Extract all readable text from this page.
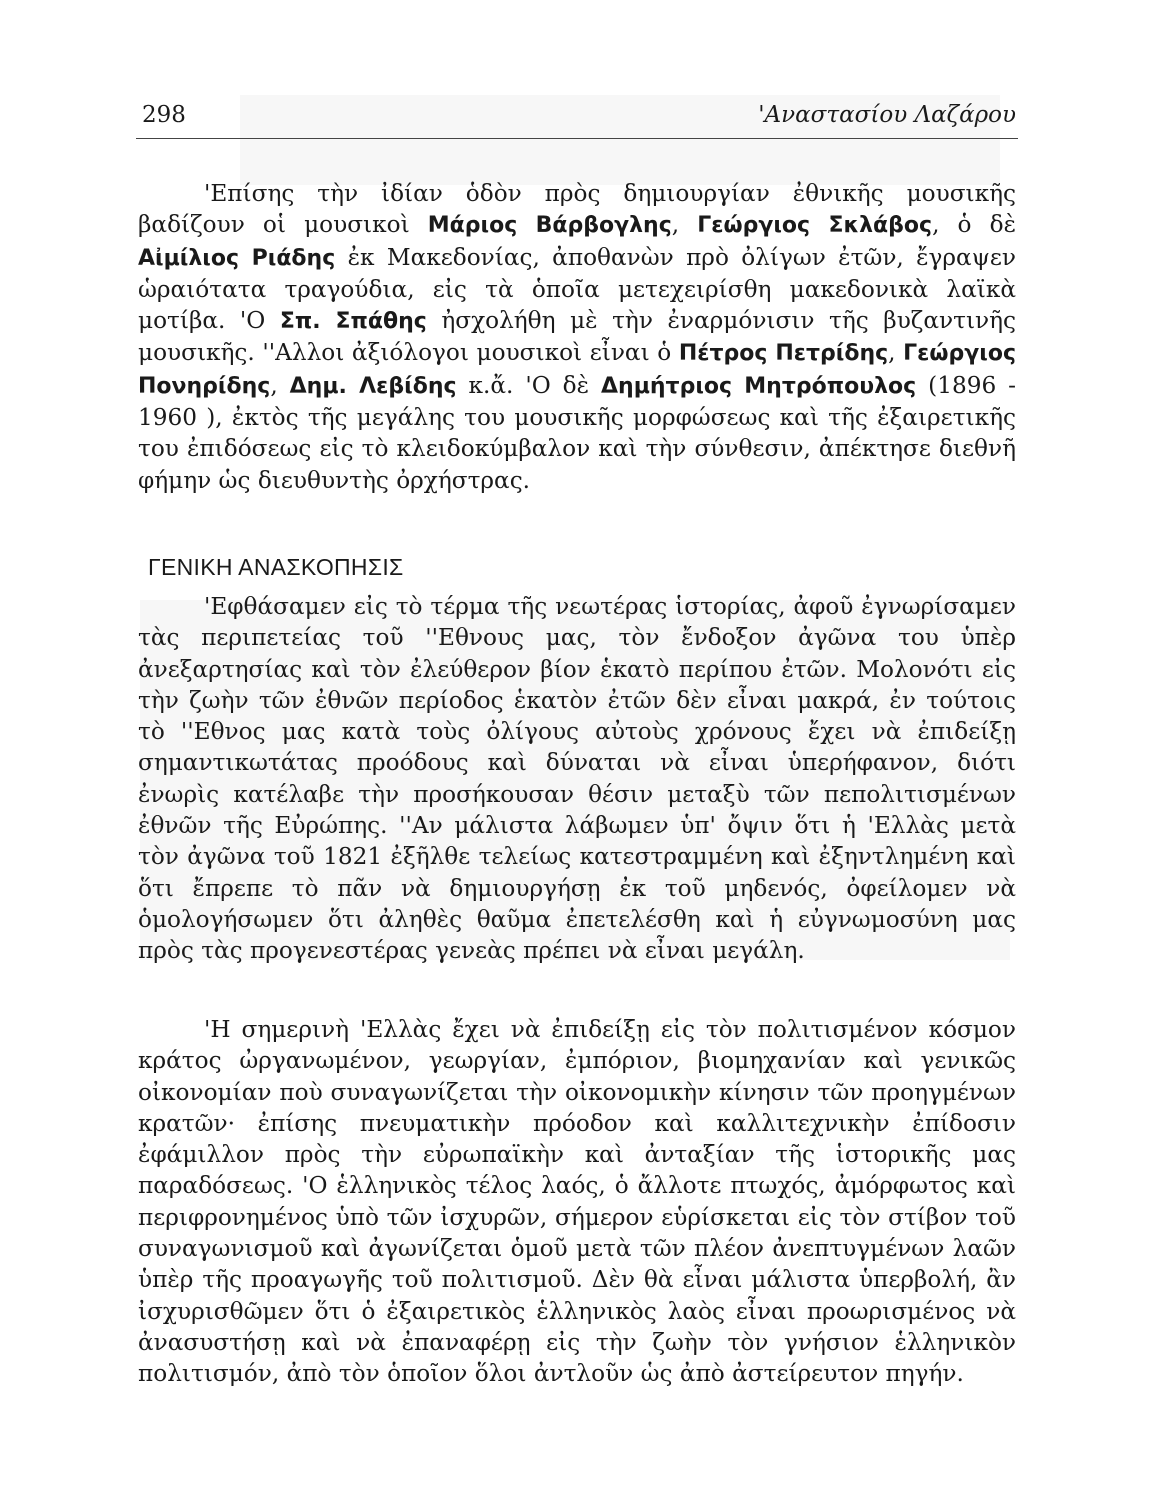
298	'Αναστασίου Λαζάρου

'Επίσης τὴν ἰδίαν ὁδὸν πρὸς δημιουργίαν ἐθνικῆς μουσικῆς βαδίζουν οἱ μουσικοὶ Μάριος Βάρβογλης, Γεώργιος Σκλάβος, ὁ δὲ Αἰμίλιος Ριάδης ἐκ Μακεδονίας, ἀποθανὼν πρὸ ὀλίγων ἐτῶν, ἔγραψεν ὡραιότατα τραγούδια, εἰς τὰ ὁποῖα μετεχειρίσθη μακεδονικὰ λαϊκὰ μοτίβα. 'Ο Σπ. Σπάθης ἠσχολήθη μὲ τὴν ἐναρμόνισιν τῆς βυζαντινῆς μουσικῆς. ''Αλλοι ἀξιόλογοι μουσικοὶ εἶναι ὁ Πέτρος Πετρίδης, Γεώργιος Πονηρίδης, Δημ. Λεβίδης κ.ἄ. 'Ο δὲ Δημήτριος Μητρόπουλος (1896 - 1960 ), ἐκτὸς τῆς μεγάλης του μουσικῆς μορφώσεως καὶ τῆς ἐξαιρετικῆς του ἐπιδόσεως εἰς τὸ κλειδοκύμβαλον καὶ τὴν σύνθεσιν, ἀπέκτησε διεθνῆ φήμην ὡς διευθυντὴς ὀρχήστρας.

ΓΕΝΙΚΗ ΑΝΑΣΚΟΠΗΣΙΣ

'Εφθάσαμεν εἰς τὸ τέρμα τῆς νεωτέρας ἱστορίας, ἀφοῦ ἐγνωρίσαμεν τὰς περιπετείας τοῦ ''Εθνους μας, τὸν ἔνδοξον ἀγῶνα του ὑπὲρ ἀνεξαρτησίας καὶ τὸν ἐλεύθερον βίον ἑκατὸ περίπου ἐτῶν. Μολονότι εἰς τὴν ζωὴν τῶν ἐθνῶν περίοδος ἑκατὸν ἐτῶν δὲν εἶναι μακρά, ἐν τούτοις τὸ ''Εθνος μας κατὰ τοὺς ὀλίγους αὐτοὺς χρόνους ἔχει νὰ ἐπιδείξῃ σημαντικωτάτας προόδους καὶ δύναται νὰ εἶναι ὑπερήφανον, διότι ἐνωρὶς κατέλαβε τὴν προσήκουσαν θέσιν μεταξὺ τῶν πεπολιτισμένων ἐθνῶν τῆς Εὐρώπης. ''Αν μάλιστα λάβωμεν ὑπ' ὄψιν ὅτι ἡ 'Ελλὰς μετὰ τὸν ἀγῶνα τοῦ 1821 ἐξῆλθε τελείως κατεστραμμένη καὶ ἐξηντλημένη καὶ ὅτι ἔπρεπε τὸ πᾶν νὰ δημιουργήσῃ ἐκ τοῦ μηδενός, ὀφείλομεν νὰ ὁμολογήσωμεν ὅτι ἀληθὲς θαῦμα ἐπετελέσθη καὶ ἡ εὐγνωμοσύνη μας πρὸς τὰς προγενεστέρας γενεὰς πρέπει νὰ εἶναι μεγάλη.

'Η σημερινὴ 'Ελλὰς ἔχει νὰ ἐπιδείξῃ εἰς τὸν πολιτισμένον κόσμον κράτος ὠργανωμένον, γεωργίαν, ἐμπόριον, βιομηχανίαν καὶ γενικῶς οἰκονομίαν ποὺ συναγωνίζεται τὴν οἰκονομικὴν κίνησιν τῶν προηγμένων κρατῶν· ἐπίσης πνευματικὴν πρόοδον καὶ καλλιτεχνικὴν ἐπίδοσιν ἐφάμιλλον πρὸς τὴν εὐρωπαϊκὴν καὶ ἀνταξίαν τῆς ἱστορικῆς μας παραδόσεως. 'Ο ἑλληνικὸς τέλος λαός, ὁ ἄλλοτε πτωχός, ἀμόρφωτος καὶ περιφρονημένος ὑπὸ τῶν ἰσχυρῶν, σήμερον εὑρίσκεται εἰς τὸν στίβον τοῦ συναγωνισμοῦ καὶ ἀγωνίζεται ὁμοῦ μετὰ τῶν πλέον ἀνεπτυγμένων λαῶν ὑπὲρ τῆς προαγωγῆς τοῦ πολιτισμοῦ. Δὲν θὰ εἶναι μάλιστα ὑπερβολή, ἂν ἰσχυρισθῶμεν ὅτι ὁ ἐξαιρετικὸς ἑλληνικὸς λαὸς εἶναι προωρισμένος νὰ ἀνασυστήσῃ καὶ νὰ ἐπαναφέρῃ εἰς τὴν ζωὴν τὸν γνήσιον ἑλληνικὸν πολιτισμόν, ἀπὸ τὸν ὁποῖον ὅλοι ἀντλοῦν ὡς ἀπὸ ἀστείρευτον πηγήν.
